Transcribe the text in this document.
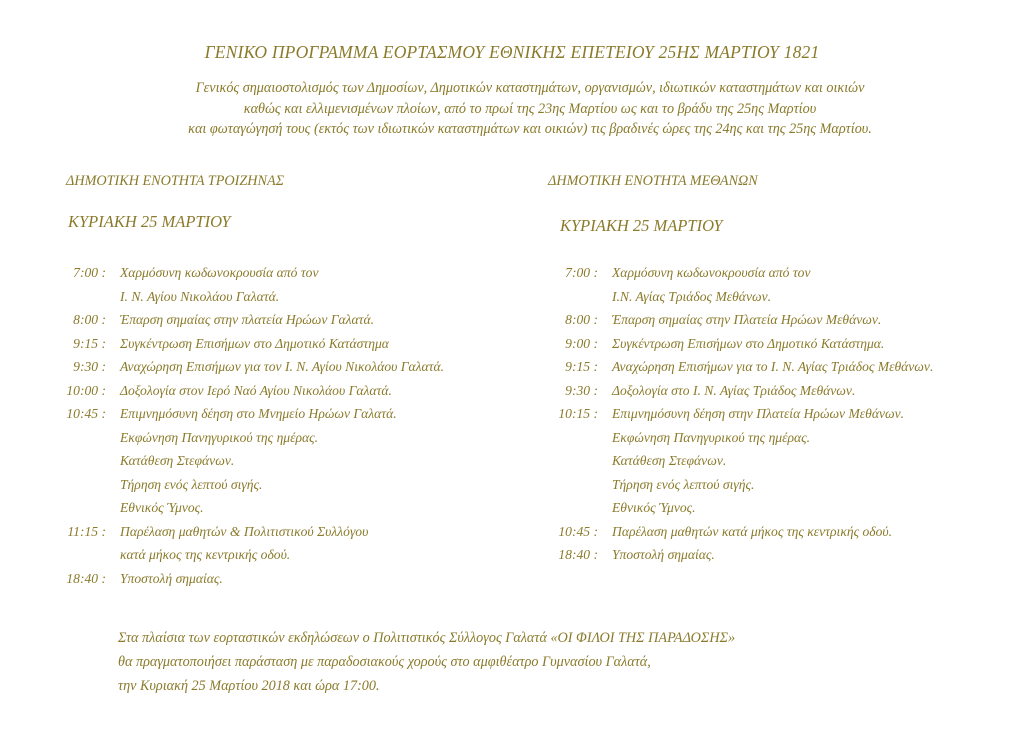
ΓΕΝΙΚΟ ΠΡΟΓΡΑΜΜΑ ΕΟΡΤΑΣΜΟΥ ΕΘΝΙΚΗΣ ΕΠΕΤΕΙΟΥ 25ΗΣ ΜΑΡΤΙΟΥ 1821
Γενικός σημαιοστολισμός των Δημοσίων, Δημοτικών καταστημάτων, οργανισμών, ιδιωτικών καταστημάτων και οικιών
καθώς και ελλιμενισμένων πλοίων, από το πρωί της 23ης Μαρτίου ως και το βράδυ της 25ης Μαρτίου
και φωταγώγησή τους (εκτός των ιδιωτικών καταστημάτων και οικιών) τις βραδινές ώρες της 24ης και της 25ης Μαρτίου.
ΔΗΜΟΤΙΚΗ ΕΝΟΤΗΤΑ ΤΡΟΙΖΗΝΑΣ
ΚΥΡΙΑΚΗ 25 ΜΑΡΤΙΟΥ
7:00 : Χαρμόσυνη κωδωνοκρουσία από τον
Ι. Ν. Αγίου Νικολάου Γαλατά.
8:00 : Έπαρση σημαίας στην πλατεία Ηρώων Γαλατά.
9:15 : Συγκέντρωση Επισήμων στο Δημοτικό Κατάστημα
9:30 : Αναχώρηση Επισήμων για τον Ι. Ν. Αγίου Νικολάου Γαλατά.
10:00 : Δοξολογία στον Ιερό Ναό Αγίου Νικολάου Γαλατά.
10:45 : Επιμνημόσυνη δέηση στο Μνημείο Ηρώων Γαλατά.
Εκφώνηση Πανηγυρικού της ημέρας.
Κατάθεση Στεφάνων.
Τήρηση ενός λεπτού σιγής.
Εθνικός Ύμνος.
11:15 : Παρέλαση μαθητών & Πολιτιστικού Συλλόγου
κατά μήκος της κεντρικής οδού.
18:40 : Υποστολή σημαίας.
ΔΗΜΟΤΙΚΗ ΕΝΟΤΗΤΑ ΜΕΘΑΝΩΝ
ΚΥΡΙΑΚΗ 25 ΜΑΡΤΙΟΥ
7:00 : Χαρμόσυνη κωδωνοκρουσία από τον
Ι.Ν. Αγίας Τριάδος Μεθάνων.
8:00 : Έπαρση σημαίας στην Πλατεία Ηρώων Μεθάνων.
9:00 : Συγκέντρωση Επισήμων στο Δημοτικό Κατάστημα.
9:15 : Αναχώρηση Επισήμων για το Ι. Ν. Αγίας Τριάδος Μεθάνων.
9:30 : Δοξολογία στο Ι. Ν. Αγίας Τριάδος Μεθάνων.
10:15 : Επιμνημόσυνη δέηση στην Πλατεία Ηρώων Μεθάνων.
Εκφώνηση Πανηγυρικού της ημέρας.
Κατάθεση Στεφάνων.
Τήρηση ενός λεπτού σιγής.
Εθνικός Ύμνος.
10:45 : Παρέλαση μαθητών κατά μήκος της κεντρικής οδού.
18:40 : Υποστολή σημαίας.
Στα πλαίσια των εορταστικών εκδηλώσεων ο Πολιτιστικός Σύλλογος Γαλατά «ΟΙ ΦΙΛΟΙ ΤΗΣ ΠΑΡΑΔΟΣΗΣ»
θα πραγματοποιήσει παράσταση με παραδοσιακούς χορούς στο αμφιθέατρο Γυμνασίου Γαλατά,
την Κυριακή 25 Μαρτίου 2018 και ώρα 17:00.
